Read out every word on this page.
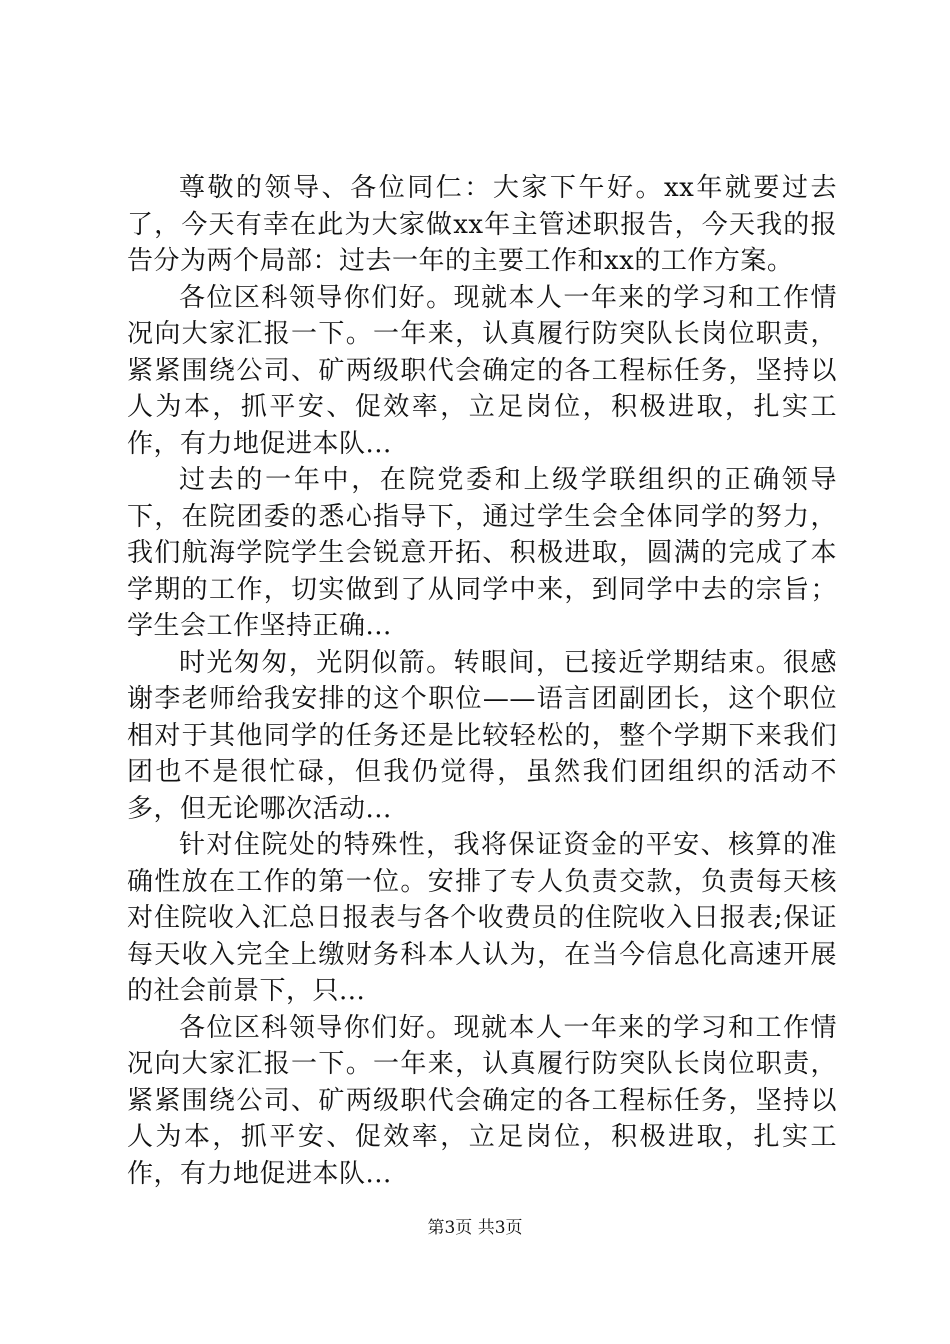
尊敬的领导、各位同仁：大家下午好。xx年就要过去了，今天有幸在此为大家做xx年主管述职报告，今天我的报告分为两个局部：过去一年的主要工作和xx的工作方案。

各位区科领导你们好。现就本人一年来的学习和工作情况向大家汇报一下。一年来，认真履行防突队长岗位职责，紧紧围绕公司、矿两级职代会确定的各工程标任务，坚持以人为本，抓平安、促效率，立足岗位，积极进取，扎实工作，有力地促进本队...

过去的一年中，在院党委和上级学联组织的正确领导下，在院团委的悉心指导下，通过学生会全体同学的努力，我们航海学院学生会锐意开拓、积极进取，圆满的完成了本学期的工作，切实做到了从同学中来，到同学中去的宗旨；学生会工作坚持正确...

时光匆匆，光阴似箭。转眼间，已接近学期结束。很感谢李老师给我安排的这个职位——语言团副团长，这个职位相对于其他同学的任务还是比较轻松的，整个学期下来我们团也不是很忙碌，但我仍觉得，虽然我们团组织的活动不多，但无论哪次活动...

针对住院处的特殊性，我将保证资金的平安、核算的准确性放在工作的第一位。安排了专人负责交款，负责每天核对住院收入汇总日报表与各个收费员的住院收入日报表;保证每天收入完全上缴财务科本人认为，在当今信息化高速开展的社会前景下，只...

各位区科领导你们好。现就本人一年来的学习和工作情况向大家汇报一下。一年来，认真履行防突队长岗位职责，紧紧围绕公司、矿两级职代会确定的各工程标任务，坚持以人为本，抓平安、促效率，立足岗位，积极进取，扎实工作，有力地促进本队...

第3页 共3页
